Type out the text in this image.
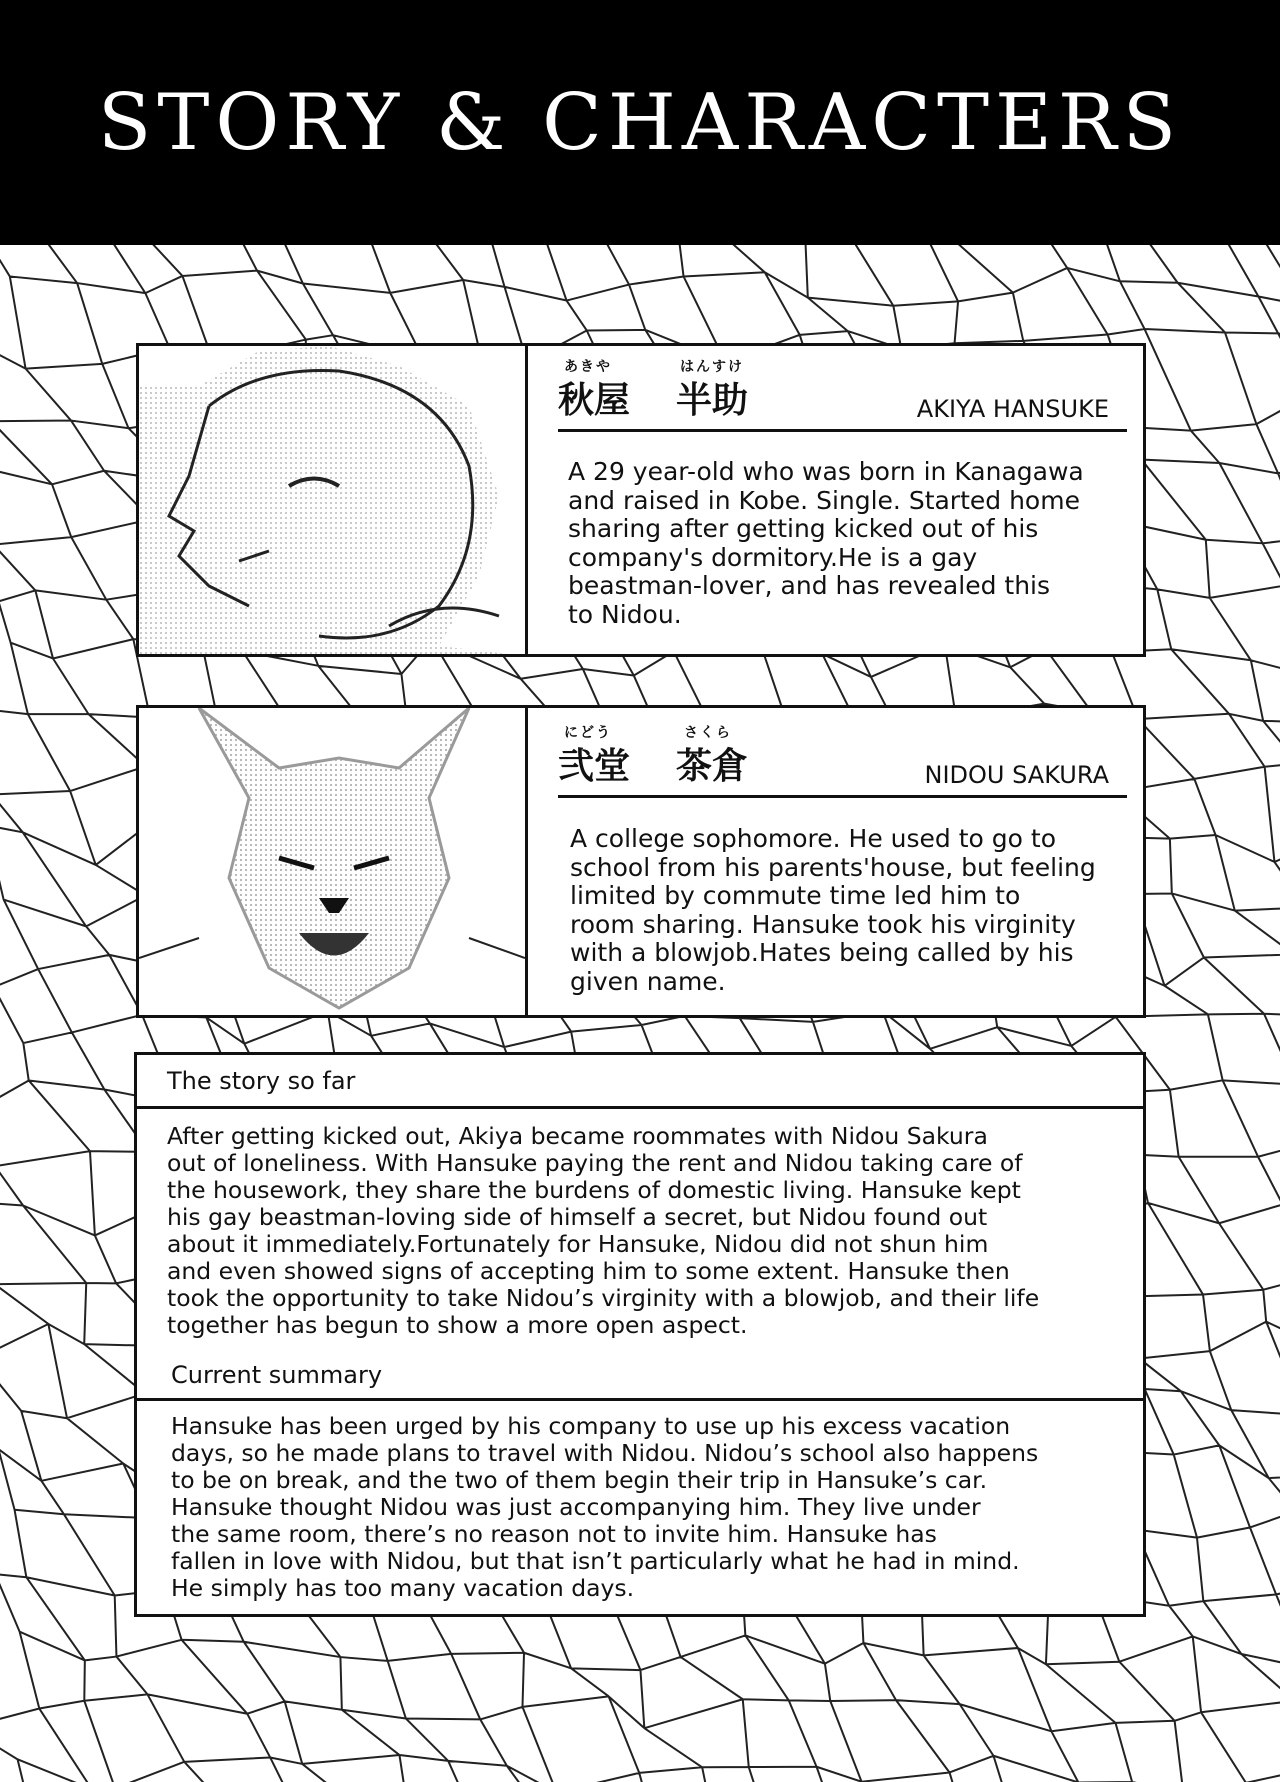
STORY & CHARACTERS
あきや
秋屋
はんすけ
半助	AKIYA HANSUKE
A 29 year-old who was born in Kanagawa
and raised in Kobe. Single. Started home
sharing after getting kicked out of his
company's dormitory.He is a gay
beastman-lover, and has revealed this
to Nidou.
にどう
弐堂
さくら
茶倉	NIDOU SAKURA
A college sophomore. He used to go to
school from his parents'house, but feeling
limited by commute time led him to
room sharing. Hansuke took his virginity
with a blowjob.Hates being called by his
given name.
The story so far
After getting kicked out, Akiya became roommates with Nidou Sakura
out of loneliness. With Hansuke paying the rent and Nidou taking care of
the housework, they share the burdens of domestic living. Hansuke kept
his gay beastman-loving side of himself a secret, but Nidou found out
about it immediately.Fortunately for Hansuke, Nidou did not shun him
and even showed signs of accepting him to some extent. Hansuke then
took the opportunity to take Nidou’s virginity with a blowjob, and their life
together has begun to show a more open aspect.
Current summary
Hansuke has been urged by his company to use up his excess vacation
days, so he made plans to travel with Nidou. Nidou’s school also happens
to be on break, and the two of them begin their trip in Hansuke’s car.
Hansuke thought Nidou was just accompanying him. They live under
the same room, there’s no reason not to invite him. Hansuke has
fallen in love with Nidou, but that isn’t particularly what he had in mind.
He simply has too many vacation days.
